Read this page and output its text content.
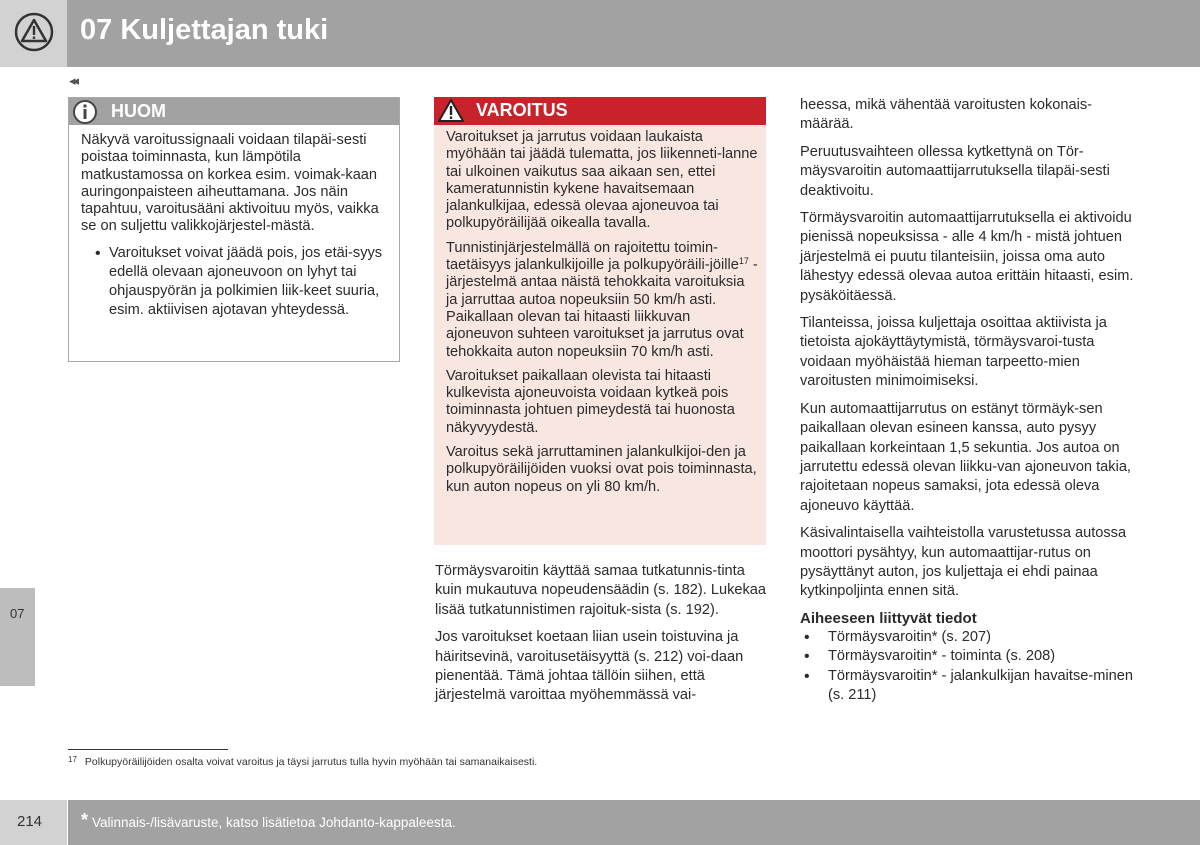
07 Kuljettajan tuki
◂◂
07
HUOM

Näkyvä varoitussignaali voidaan tilapäi-sesti poistaa toiminnasta, kun lämpötila matkustamossa on korkea esim. voimak-kaan auringonpaisteen aiheuttamana. Jos näin tapahtuu, varoitusääni aktivoituu myös, vaikka se on suljettu valikkojärjestel-mästä.

• Varoitukset voivat jäädä pois, jos etäi-syys edellä olevaan ajoneuvoon on lyhyt tai ohjauspyörän ja polkimien liik-keet suuria, esim. aktiivisen ajotavan yhteydessä.
VAROITUS

Varoitukset ja jarrutus voidaan laukaista myöhään tai jäädä tulematta, jos liikenneti-lanne tai ulkoinen vaikutus saa aikaan sen, ettei kameratunnistin kykene havaitsemaan jalankulkijaa, edessä olevaa ajoneuvoa tai polkupyöräilijää oikealla tavalla.

Tunnistinjärjestelmällä on rajoitettu toimin-taetäisyys jalankulkijoille ja polkupyöräili-jöille$^{17}$ - järjestelmä antaa näistä tehokkaita varoituksia ja jarruttaa autoa nopeuksiin 50 km/h asti. Paikallaan olevan tai hitaasti liikkuvan ajoneuvon suhteen varoitukset ja jarrutus ovat tehokkaita auton nopeuksiin 70 km/h asti.

Varoitukset paikallaan olevista tai hitaasti kulkevista ajoneuvoista voidaan kytkeä pois toiminnasta johtuen pimeydestä tai huonosta näkyvyydestä.

Varoitus sekä jarruttaminen jalankulkijoi-den ja polkupyöräilijöiden vuoksi ovat pois toiminnasta, kun auton nopeus on yli 80 km/h.

Törmäysvaroitin käyttää samaa tutkatunnis-tinta kuin mukautuva nopeudensäädin (s. 182). Lukekaa lisää tutkatunnistimen rajoituk-sista (s. 192).

Jos varoitukset koetaan liian usein toistuvina ja häiritsevinä, varoitusetäisyyttä (s. 212) voi-daan pienentää. Tämä johtaa tällöin siihen, että järjestelmä varoittaa myöhemmässä vai-

heessa, mikä vähentää varoitusten kokonais-määrää.

Peruutusvaihteen ollessa kytkettynä on Tör-mäysvaroitin automaattijarrutuksella tilapäi-sesti deaktivoitu.

Törmäysvaroitin automaattijarrutuksella ei aktivoidu pienissä nopeuksissa - alle 4 km/h - mistä johtuen järjestelmä ei puutu tilanteisiin, joissa oma auto lähestyy edessä olevaa autoa erittäin hitaasti, esim. pysäköitäessä.

Tilanteissa, joissa kuljettaja osoittaa aktiivista ja tietoista ajokäyttäytymistä, törmäysvaroi-tusta voidaan myöhäistää hieman tarpeetto-mien varoitusten minimoimiseksi.

Kun automaattijarrutus on estänyt törmäyk-sen paikallaan olevan esineen kanssa, auto pysyy paikallaan korkeintaan 1,5 sekuntia. Jos autoa on jarrutettu edessä olevan liikku-van ajoneuvon takia, rajoitetaan nopeus samaksi, jota edessä oleva ajoneuvo käyttää.

Käsivalintaisella vaihteistolla varustetussa autossa moottori pysähtyy, kun automaattijar-rutus on pysäyttänyt auton, jos kuljettaja ei ehdi painaa kytkinpoljinta ennen sitä.

Aiheeseen liittyvät tiedot
• Törmäysvaroitin* (s. 207)
• Törmäysvaroitin* - toiminta (s. 208)
• Törmäysvaroitin* - jalankulkijan havaitse-minen (s. 211)
$^{17}$ Polkupyöräilijöiden osalta voivat varoitus ja täysi jarrutus tulla hyvin myöhään tai samanaikaisesti.
214 * Valinnais-/lisävaruste, katso lisätietoa Johdanto-kappaleesta.
